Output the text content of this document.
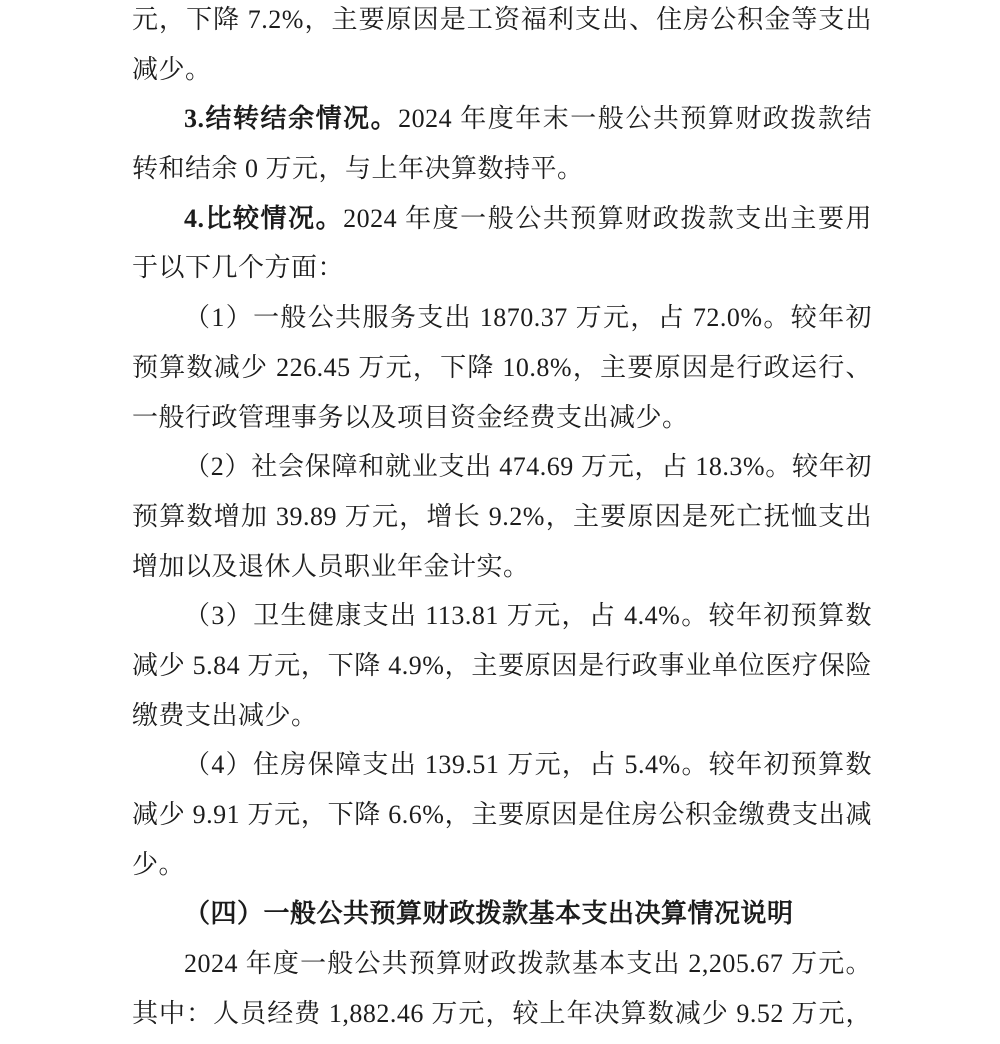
元，下降 7.2%，主要原因是工资福利支出、住房公积金等支出
减少。
3.结转结余情况。2024 年度年末一般公共预算财政拨款结
转和结余 0 万元，与上年决算数持平。
4.比较情况。2024 年度一般公共预算财政拨款支出主要用
于以下几个方面：
（1）一般公共服务支出 1870.37 万元，占 72.0%。较年初
预算数减少 226.45 万元，下降 10.8%，主要原因是行政运行、
一般行政管理事务以及项目资金经费支出减少。
（2）社会保障和就业支出 474.69 万元，占 18.3%。较年初
预算数增加 39.89 万元，增长 9.2%，主要原因是死亡抚恤支出
增加以及退休人员职业年金计实。
（3）卫生健康支出 113.81 万元，占 4.4%。较年初预算数
减少 5.84 万元，下降 4.9%，主要原因是行政事业单位医疗保险
缴费支出减少。
（4）住房保障支出 139.51 万元，占 5.4%。较年初预算数
减少 9.91 万元，下降 6.6%，主要原因是住房公积金缴费支出减
少。
（四）一般公共预算财政拨款基本支出决算情况说明
2024 年度一般公共预算财政拨款基本支出 2,205.67 万元。
其中：人员经费 1,882.46 万元，较上年决算数减少 9.52 万元，
